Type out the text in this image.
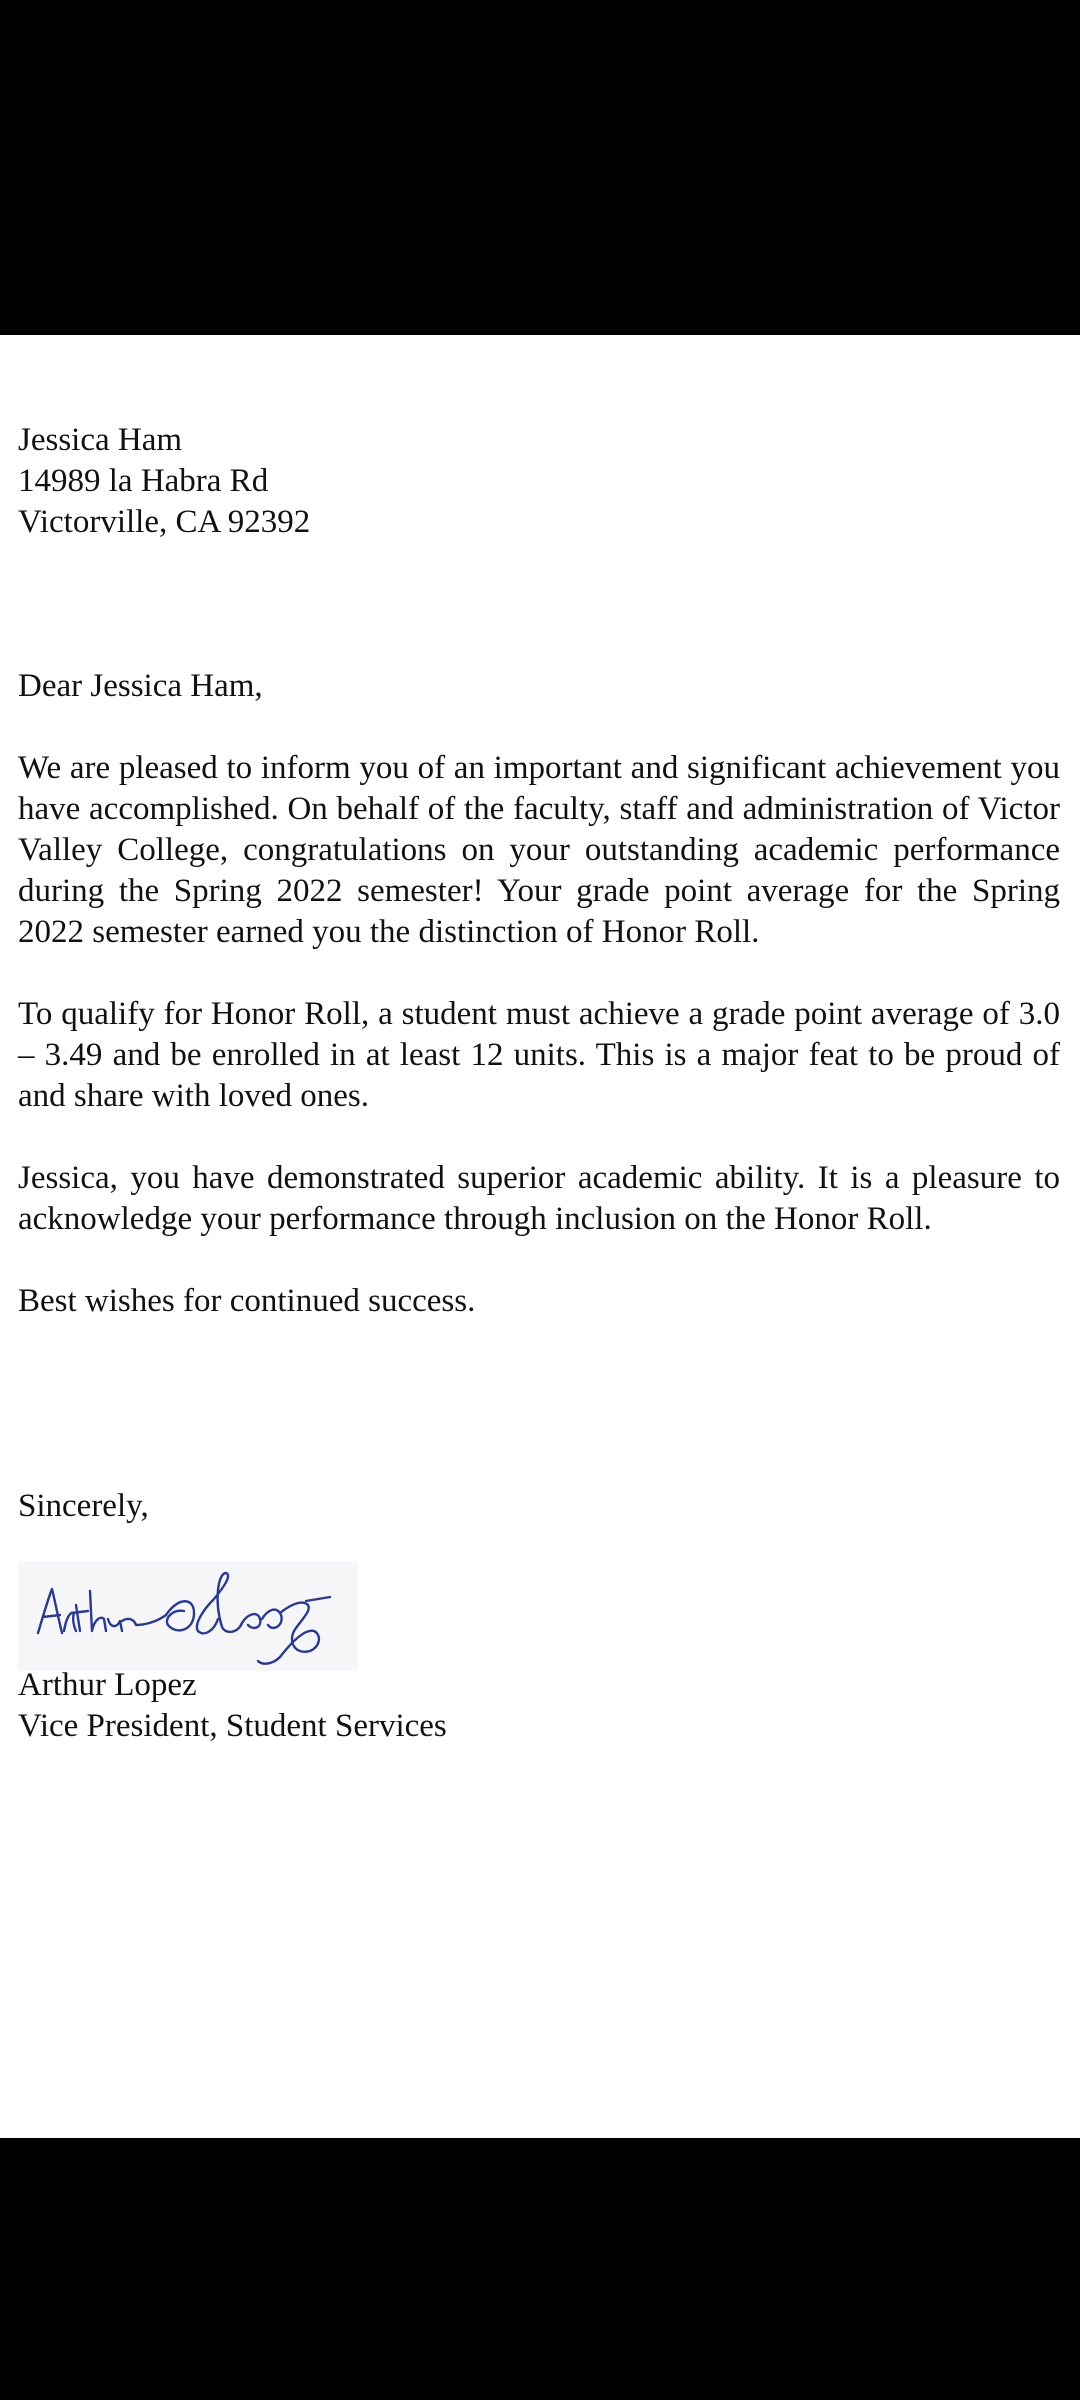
Jessica Ham
14989 la Habra Rd
Victorville, CA 92392
Dear Jessica Ham,

We are pleased to inform you of an important and significant achievement you have accomplished. On behalf of the faculty, staff and administration of Victor Valley College, congratulations on your outstanding academic performance during the Spring 2022 semester! Your grade point average for the Spring 2022 semester earned you the distinction of Honor Roll.

To qualify for Honor Roll, a student must achieve a grade point average of 3.0 – 3.49 and be enrolled in at least 12 units. This is a major feat to be proud of and share with loved ones.

Jessica, you have demonstrated superior academic ability. It is a pleasure to acknowledge your performance through inclusion on the Honor Roll.

Best wishes for continued success.
Sincerely,
Arthur Lopez
Vice President, Student Services
